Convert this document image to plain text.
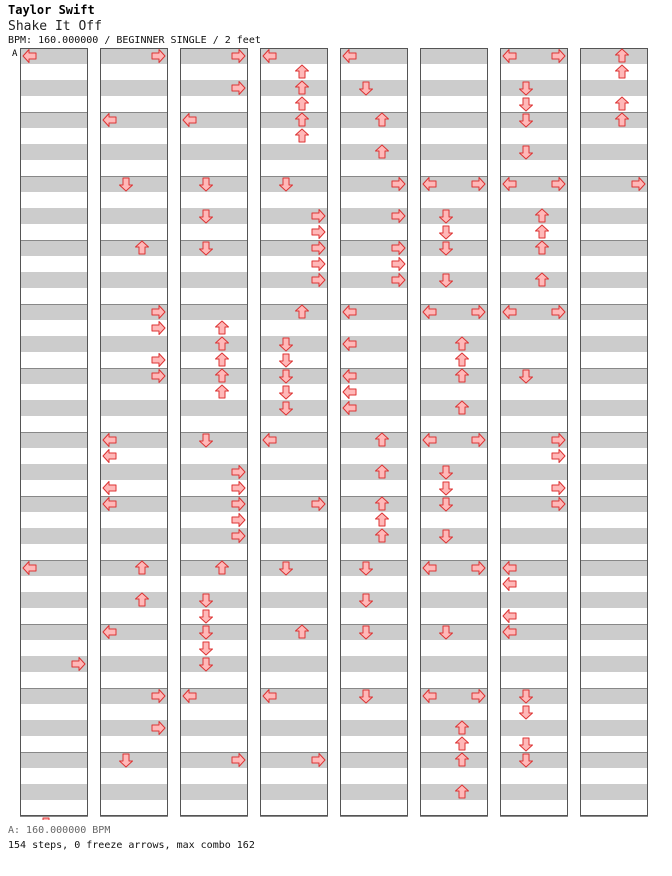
Taylor Swift
Shake It Off
BPM: 160.000000 / BEGINNER SINGLE / 2 feet
A
A: 160.000000 BPM
154 steps, 0 freeze arrows, max combo 162
